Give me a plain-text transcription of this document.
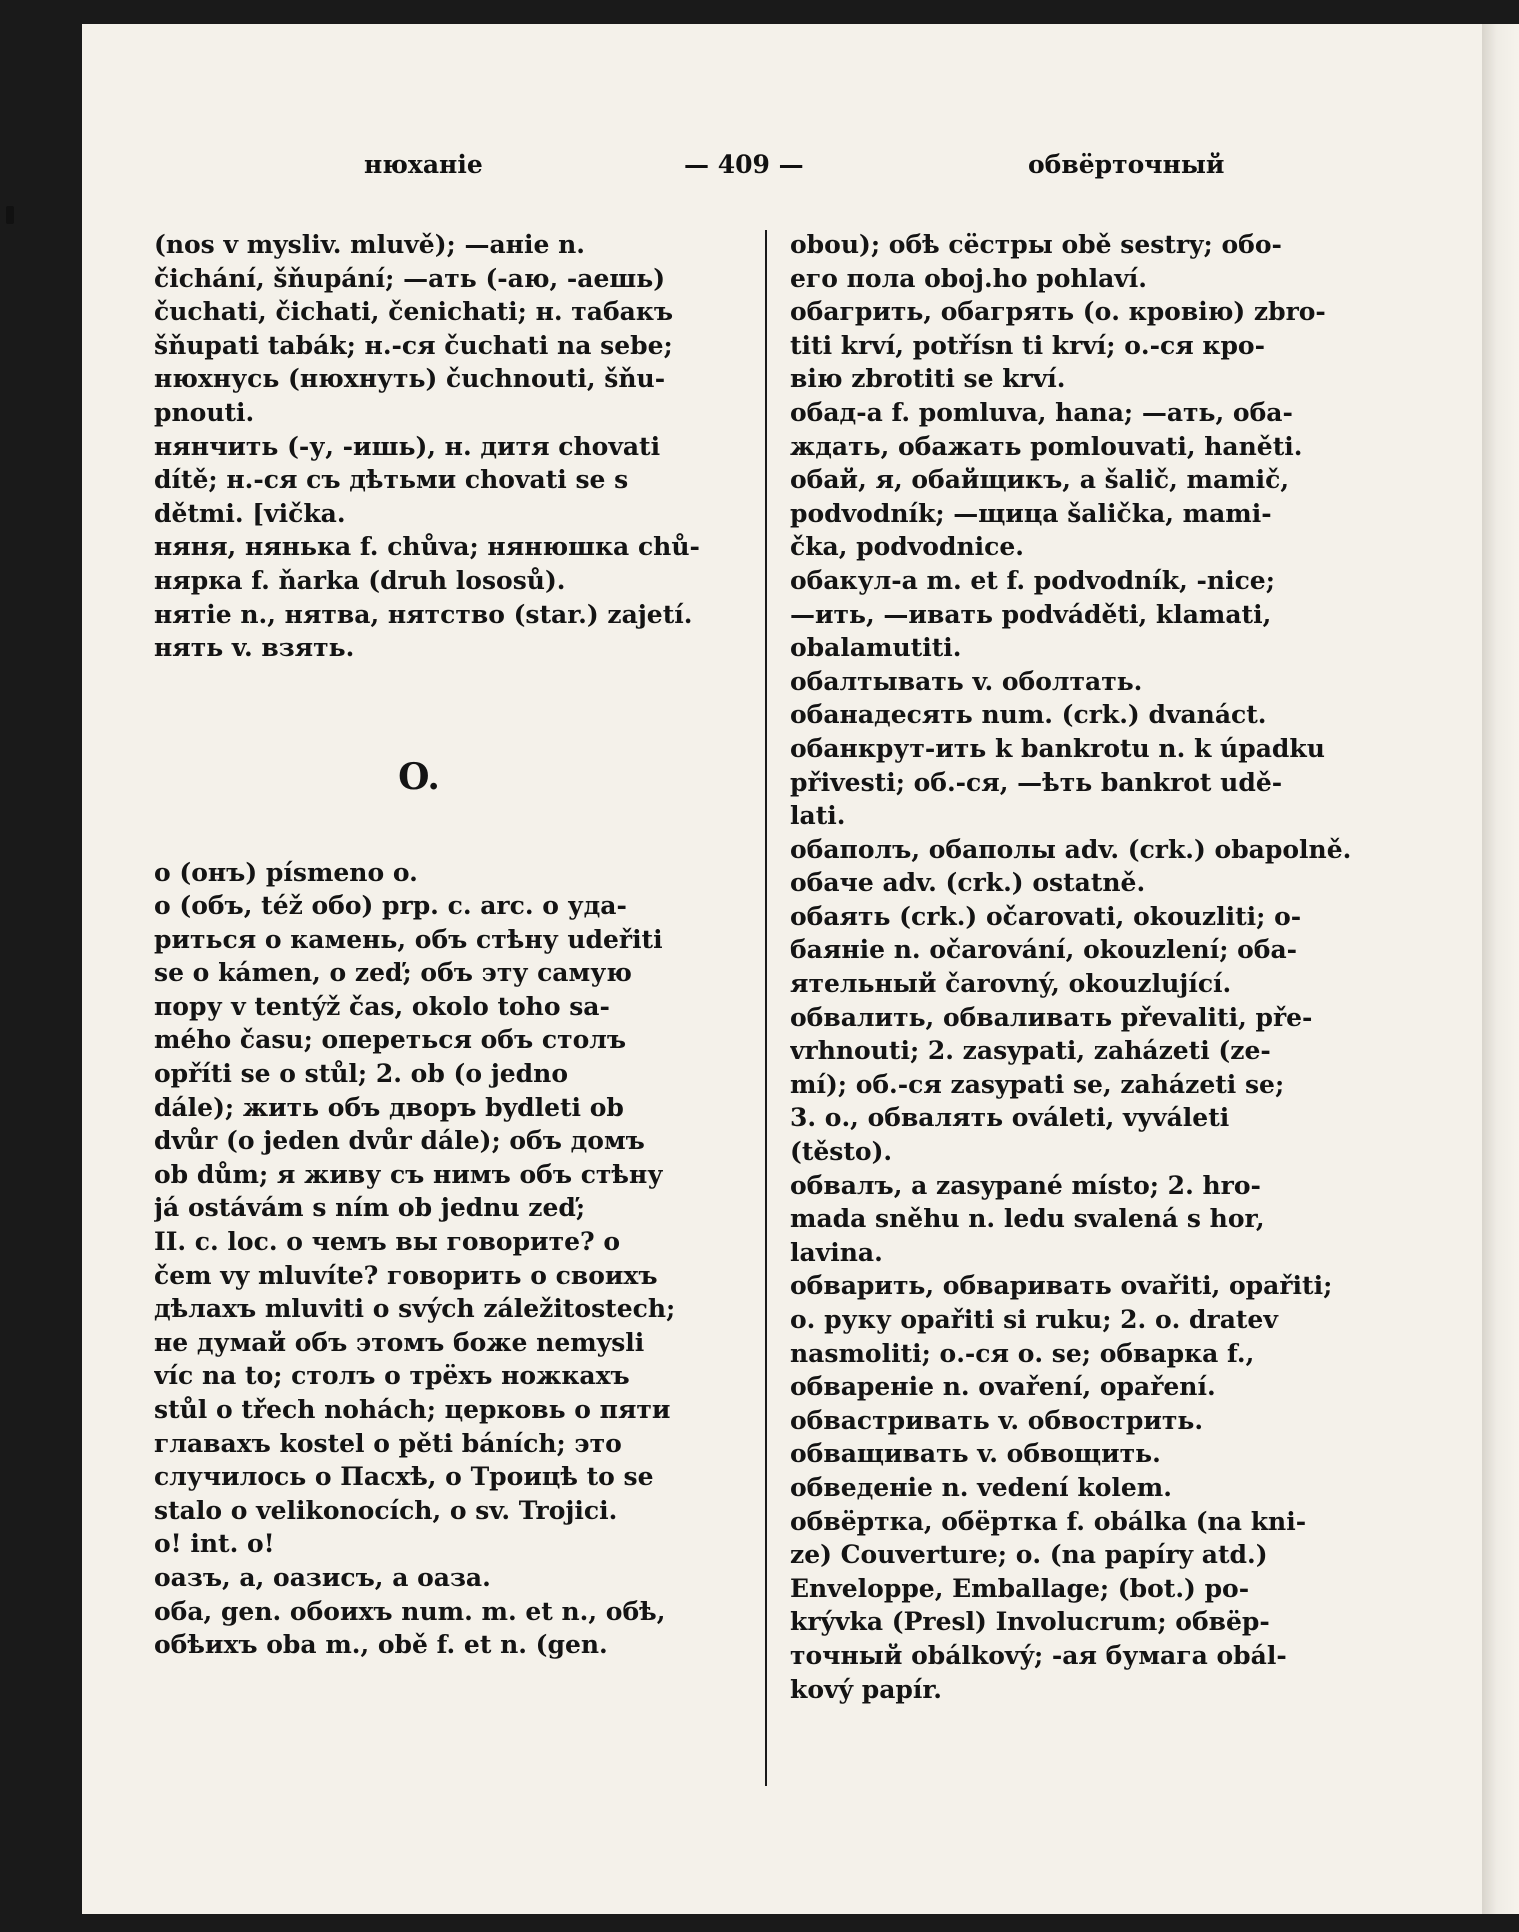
нюханіе	— 409 —	обвёрточный
(nos v mysliv. mluvě); —аніе n.
čichání, šňupání; —ать (-аю, -аешь)
čuchati, čichati, čenichati; н. табакъ
šňupati tabák; н.-ся čuchati na sebe;
нюхнусь (нюхнуть) čuchnouti, šňu-
pnouti.
нянчить (-у, -ишь), н. дитя chovati
dítě; н.-ся съ дѣтьми chovati se s
dětmi. [vička.
няня, нянька f. chůva; нянюшка chů-
нярка f. ňarka (druh lososů).
нятіе n., нятва, нятство (star.) zajetí.
нять v. взять.
O.
о (онъ) písmeno o.
о (объ, též обо) prp. c. arc. о уда-
риться о камень, объ стѣну udeřiti
se o kámen, o zeď; объ эту самую
пору v tentýž čas, okolo toho sa-
mého času; опереться объ столъ
opříti se o stůl; 2. ob (o jedno
dále); жить объ дворъ bydleti ob
dvůr (o jeden dvůr dále); объ домъ
ob dům; я живу съ нимъ объ стѣну
já ostávám s ním ob jednu zeď;
II. c. loc. о чемъ вы говорите? o
čem vy mluvíte? говорить о своихъ
дѣлахъ mluviti o svých záležitostech;
не думай объ этомъ боже nemysli
víc na to; столъ о трёхъ ножкахъ
stůl o třech nohách; церковь о пяти
главахъ kostel o pěti báních; это
случилось о Пасхѣ, о Троицѣ to se
stalo o velikonocích, o sv. Trojici.
o! int. o!
оазъ, а, оазисъ, а оаза.
оба, gen. обоихъ num. m. et n., обѣ,
обѣихъ oba m., obě f. et n. (gen.
obou); обѣ сёстры obě sestry; обо-
его пола oboj.ho pohlaví.
обагрить, обагрять (о. кровію) zbro-
titi krví, potřísn ti krví; о.-ся кро-
вію zbrotiti se krví.
обад-а f. pomluva, hana; —ать, оба-
ждать, обажать pomlouvati, haněti.
обай, я, обайщикъ, а šalič, mamič,
podvodník; —щица šalička, mami-
čka, podvodnice.
обакул-а m. et f. podvodník, -nice;
—ить, —ивать podváděti, klamati,
obalamutiti.
обалтывать v. оболтать.
обанадесять num. (crk.) dvanáct.
обанкрут-ить k bankrotu n. k úpadku
přivesti; об.-ся, —ѣть bankrot udě-
lati.
обаполъ, обаполы adv. (crk.) obapolně.
обаче adv. (crk.) ostatně.
обаять (crk.) očarovati, okouzliti; о-
баяніе n. očarování, okouzlení; оба-
ятельный čarovný, okouzlující.
обвалить, обваливать převaliti, pře-
vrhnouti; 2. zasypati, zaházeti (ze-
mí); об.-ся zasypati se, zaházeti se;
3. о., обвалять оválеti, vyváleti
(těsto).
обвалъ, а zasypané místo; 2. hro-
mada sněhu n. ledu svalená s hor,
lavina.
обварить, обваривать ovařiti, opařiti;
о. руку opařiti si ruku; 2. о. dratev
nasmoliti; о.-ся о. se; обварка f.,
обвареніе n. ovaření, opaření.
обвастривать v. обвострить.
обващивать v. обвощить.
обведеніе n. vedení kolem.
обвёртка, обёртка f. obálka (na kni-
ze) Couverture; о. (na papíry atd.)
Enveloppe, Emballage; (bot.) po-
krývka (Presl) Involucrum; обвёр-
точный obálkový; -ая бумага obál-
kový papír.
